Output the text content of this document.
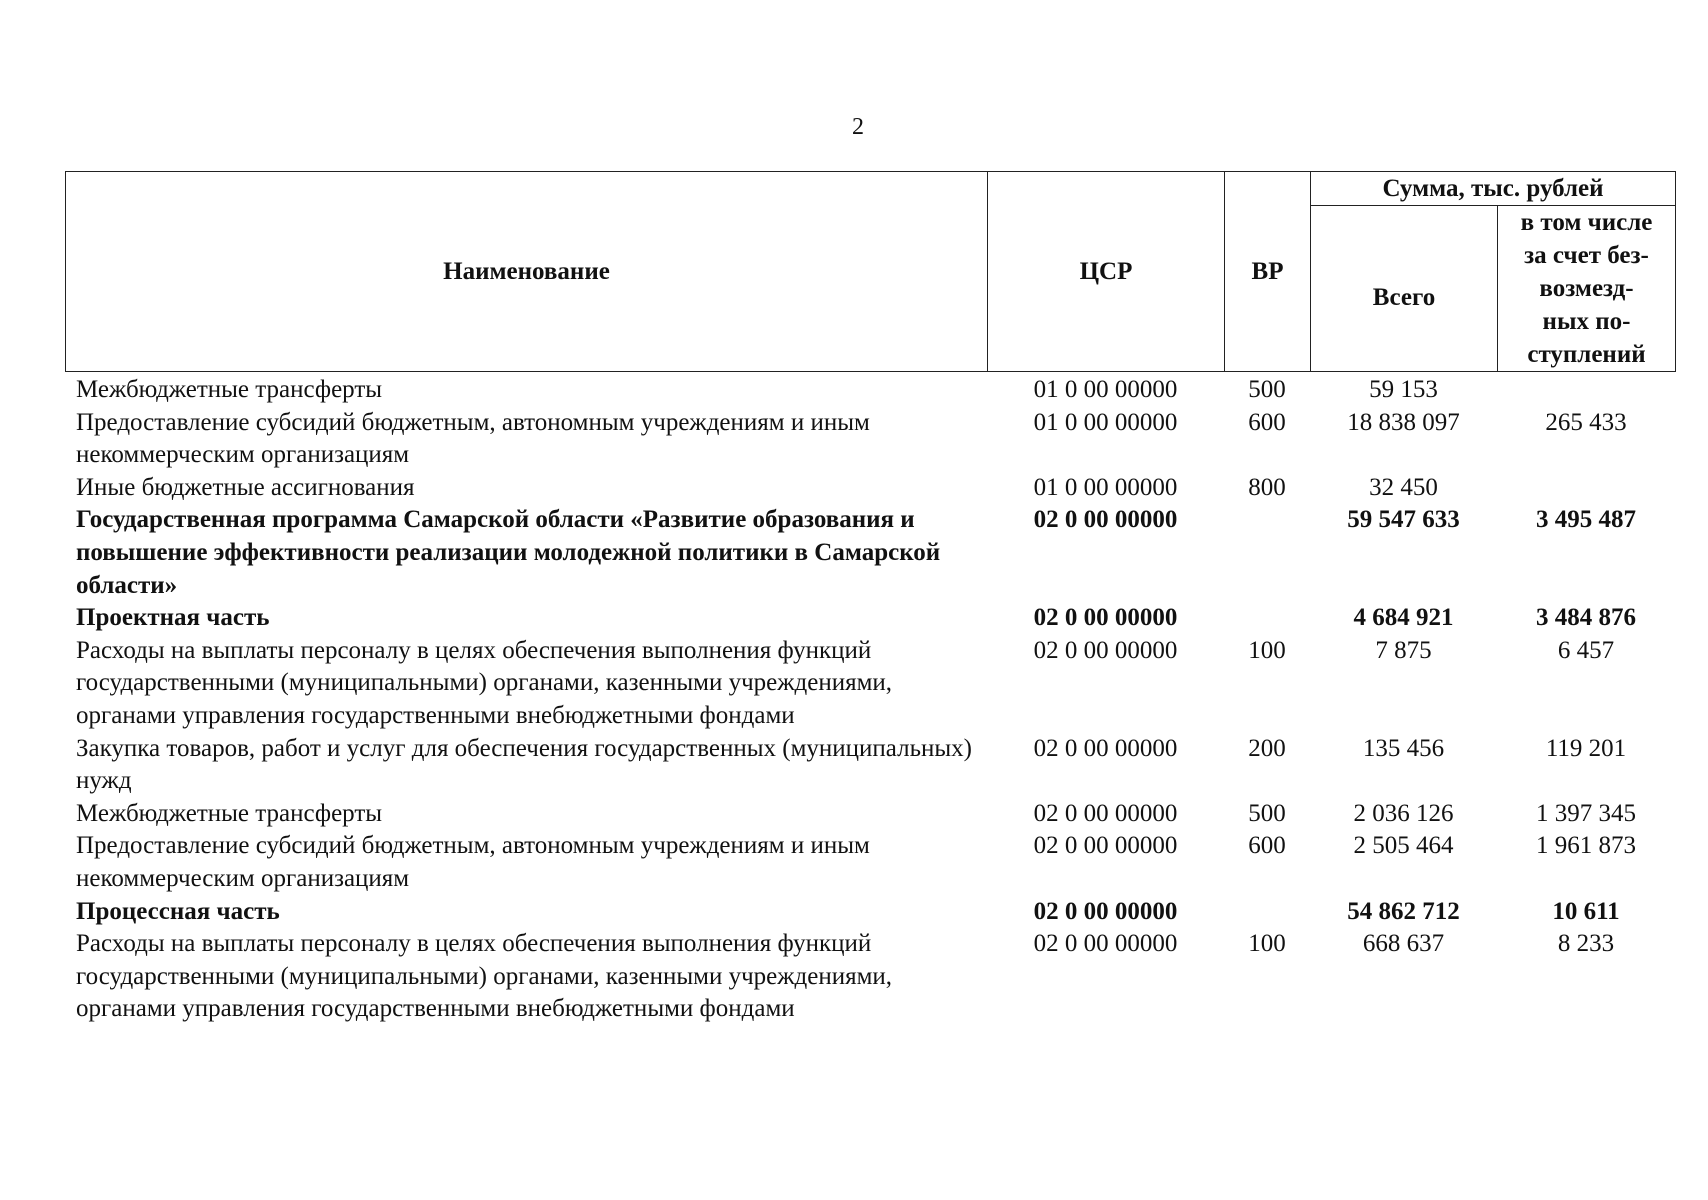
2
Наименование	ЦСР	ВР	Сумма, тыс. рублей	
			Всего	в том числе
за счет без-
возмезд-
ных по-
ступлений
Межбюджетные трансферты	01 0 00 00000	500	59 153	
Предоставление субсидий бюджетным, автономным учреждениям и иным некоммерческим организациям	01 0 00 00000	600	18 838 097	265 433
Иные бюджетные ассигнования	01 0 00 00000	800	32 450	
Государственная программа Самарской области «Развитие образования и повышение эффективности реализации молодежной политики в Самарской области»	02 0 00 00000		59 547 633	3 495 487
Проектная часть	02 0 00 00000		4 684 921	3 484 876
Расходы на выплаты персоналу в целях обеспечения выполнения функций государственными (муниципальными) органами, казенными учреждениями, органами управления государственными внебюджетными фондами	02 0 00 00000	100	7 875	6 457
Закупка товаров, работ и услуг для обеспечения государственных (муниципальных) нужд	02 0 00 00000	200	135 456	119 201
Межбюджетные трансферты	02 0 00 00000	500	2 036 126	1 397 345
Предоставление субсидий бюджетным, автономным учреждениям и иным некоммерческим организациям	02 0 00 00000	600	2 505 464	1 961 873
Процессная часть	02 0 00 00000		54 862 712	10 611
Расходы на выплаты персоналу в целях обеспечения выполнения функций государственными (муниципальными) органами, казенными учреждениями, органами управления государственными внебюджетными фондами	02 0 00 00000	100	668 637	8 233
